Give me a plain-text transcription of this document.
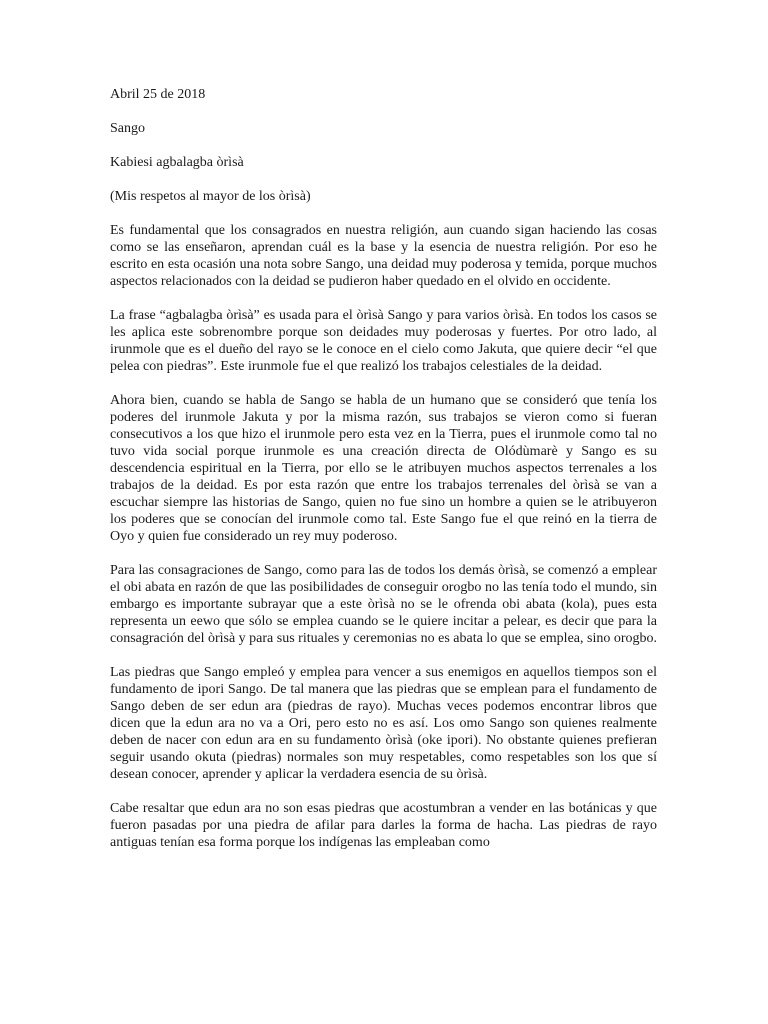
Abril 25 de 2018

Sango

Kabiesi agbalagba òrìsà

(Mis respetos al mayor de los òrìsà)

Es fundamental que los consagrados en nuestra religión, aun cuando sigan haciendo las cosas como se las enseñaron, aprendan cuál es la base y la esencia de nuestra religión. Por eso he escrito en esta ocasión una nota sobre Sango, una deidad muy poderosa y temida, porque muchos aspectos relacionados con la deidad se pudieron haber quedado en el olvido en occidente.

La frase “agbalagba òrìsà” es usada para el òrìsà Sango y para varios òrìsà. En todos los casos se les aplica este sobrenombre porque son deidades muy poderosas y fuertes. Por otro lado, al irunmole que es el dueño del rayo se le conoce en el cielo como Jakuta, que quiere decir “el que pelea con piedras”. Este irunmole fue el que realizó los trabajos celestiales de la deidad.

Ahora bien, cuando se habla de Sango se habla de un humano que se consideró que tenía los poderes del irunmole Jakuta y por la misma razón, sus trabajos se vieron como si fueran consecutivos a los que hizo el irunmole pero esta vez en la Tierra, pues el irunmole como tal no tuvo vida social porque irunmole es una creación directa de Olódùmarè y Sango es su descendencia espiritual en la Tierra, por ello se le atribuyen muchos aspectos terrenales a los trabajos de la deidad. Es por esta razón que entre los trabajos terrenales del òrìsà se van a escuchar siempre las historias de Sango, quien no fue sino un hombre a quien se le atribuyeron los poderes que se conocían del irunmole como tal. Este Sango fue el que reinó en la tierra de Oyo y quien fue considerado un rey muy poderoso.

Para las consagraciones de Sango, como para las de todos los demás òrìsà, se comenzó a emplear el obi abata en razón de que las posibilidades de conseguir orogbo no las tenía todo el mundo, sin embargo es importante subrayar que a este òrìsà no se le ofrenda obi abata (kola), pues esta representa un eewo que sólo se emplea cuando se le quiere incitar a pelear, es decir que para la consagración del òrìsà y para sus rituales y ceremonias no es abata lo que se emplea, sino orogbo.

Las piedras que Sango empleó y emplea para vencer a sus enemigos en aquellos tiempos son el fundamento de ipori Sango. De tal manera que las piedras que se emplean para el fundamento de Sango deben de ser edun ara (piedras de rayo). Muchas veces podemos encontrar libros que dicen que la edun ara no va a Ori, pero esto no es así. Los omo Sango son quienes realmente deben de nacer con edun ara en su fundamento òrìsà (oke ipori). No obstante quienes prefieran seguir usando okuta (piedras) normales son muy respetables, como respetables son los que sí desean conocer, aprender y aplicar la verdadera esencia de su òrìsà.

Cabe resaltar que edun ara no son esas piedras que acostumbran a vender en las botánicas y que fueron pasadas por una piedra de afilar para darles la forma de hacha. Las piedras de rayo antiguas tenían esa forma porque los indígenas las empleaban como
